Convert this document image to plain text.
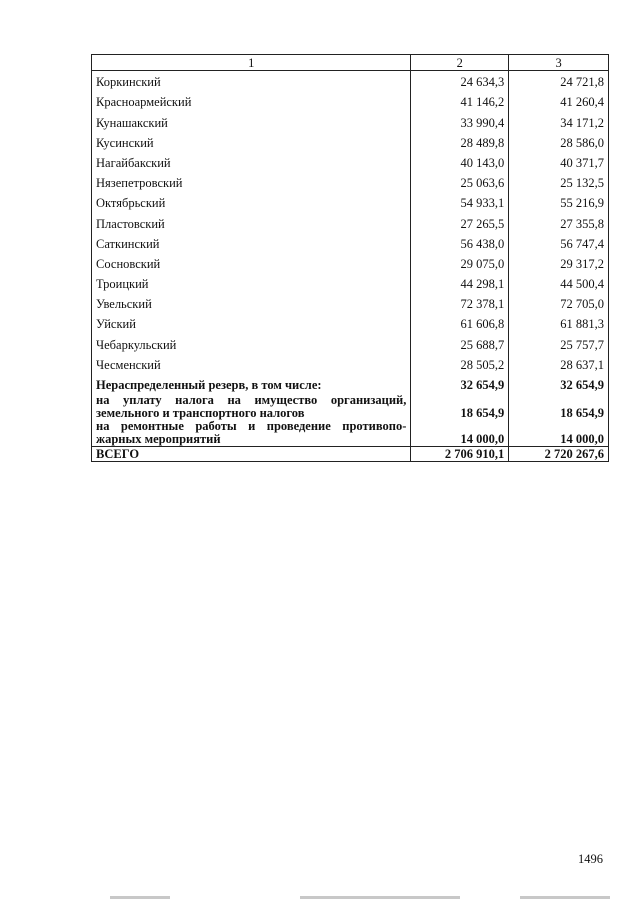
1	2	3
Коркинский	24 634,3	24 721,8
Красноармейский	41 146,2	41 260,4
Кунашакский	33 990,4	34 171,2
Кусинский	28 489,8	28 586,0
Нагайбакский	40 143,0	40 371,7
Нязепетровский	25 063,6	25 132,5
Октябрьский	54 933,1	55 216,9
Пластовский	27 265,5	27 355,8
Саткинский	56 438,0	56 747,4
Сосновский	29 075,0	29 317,2
Троицкий	44 298,1	44 500,4
Увельский	72 378,1	72 705,0
Уйский	61 606,8	61 881,3
Чебаркульский	25 688,7	25 757,7
Чесменский	28 505,2	28 637,1
Нераспределенный резерв, в том числе:	32 654,9	32 654,9
на уплату налога на имущество организаций,		
земельного и транспортного налогов	18 654,9	18 654,9
на ремонтные работы и проведение противопо-		
жарных мероприятий	14 000,0	14 000,0
ВСЕГО	2 706 910,1	2 720 267,6
1496
